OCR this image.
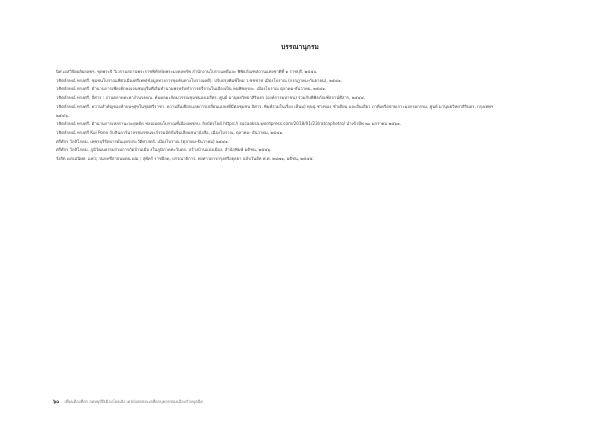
บรรณานุกรม

นิศ เอสวิจัยผลัผลลพฯ, ชุดพระจิ วิเวรามสถานพระราชพิทักษ์ดพระมงคลทรัพ ลำนักงานโบราณคดีและ พิพิธภัณฑสถานแห่งชาติที่ ๑ ราชบุรี, ๒๕๕๐.

วชิตลักษณ์ ทรงศรี. ชุมชนโบราณเพีย่วเมืองศรีเทพ(ข้อมูลทางการขุดค้นทางโบราณคดี). ปรับปรุงพิมพ์ใหม่ ว.ซชชาช เมือ่งโบราณ (กรกฎาคม-กันยายน), ๒๕๔๑.

วชิตลักษณ์ ทรงศรี. ตำนานการเพียงยักษอเจนชนบุรีมศีเลืมทำนามพรหรับทำการตรี่จานในเมืองเป็น คนพิซคุรยะ. เมืองโบราณ ตุลาคม-ธันวาคม, ๒๕๔๑.

วชิตลักษณ์ ทรงศรี. ถี่ศาร : ถานตลาดคะหางำนรงคณ. ค้นคลมะจัดมวรรณชุมชนลงเมรีศร. ศูนย์ มานุษยวิทยาสิรินธร (องค์การมหาชน) ร่วมกับพิพิธภัณฑ์สถาน์ศีสาร, ๒๕๔๔.

วชิตลักษณ์ ทรงศรี. ความสำคัญของห้าบนๆศุขในชุปศรีราชา. ความสีเมยียกเเลยการเปลี่ยนแปลงที่มีต่อชุมชน ลิศาร. พิมพ์รวมในเรื่อง เห็นม) ทุนนุ่ ช่างของ ชำเดียน และอื่นเอียว ภาคีเครือข่ายเราะมอกรอกรรม, ศูนย์ มานุษยวิทยาสิรินธร, กรุงเทพฯ ๒๕๔๖.

วชิตลักษณ์ ทรงศรี. ตำนานการเหลรานะจะยุคตัด ชลอเมตนโบราณที่เมืองเพชรบ. ลิงบัตรโยด์ https:// sucaaksa.wordpress.com/2018/01/23/ratcaphetro/ นำเข้ามีพ ๒๐ มกราคม ๒๕๖๑.

วชิตลักษณ์ ทรงศรี Kui Pone กับสินลาร์นาลรชมรชนจะก์รรมบัตกัมจิ่มเลียนชนานังสือ, เมืองโบราณ, ตุลาคม- ธันวาคม, ๒๕๔๑.

ศรีศักร วัลลิโภดม. เพชรบุรีรัทบารมันแหรประวัติศาสตร์. เมืองโบราณ (ตุลาคม-ธันวาคม) ๒๕๔๑.

ศรีศักร วัลลิโภดม. ภูมิวัฒนธรรมร่วมการกัดบ้านเมือ งในภูมิภาคตะวันตก. สร้างบ้านแปงเมือง. สำนักพิมพ์ มติชน, ๒๕๔๖.

รังสิต เผรเม่นิยศ. เเพว่; วนกดชีสาธนมตน เผ่ม ; สุพัคร์ ราชผีลด, บรรณาธิการ. พงศาวดารกรุงศรีอยุธยา ฉบับวันอัท พ.ศ. ๒๔๗๑, มติชน, ๒๕๔๕.

๖๐ เพื่อนต้องตี่ยก ลดหยุบีปีเมืองโพงเอิง เดช/ผลตลยะเลที่ยกบุคลกชองเมืองกำยบุตฉีย
